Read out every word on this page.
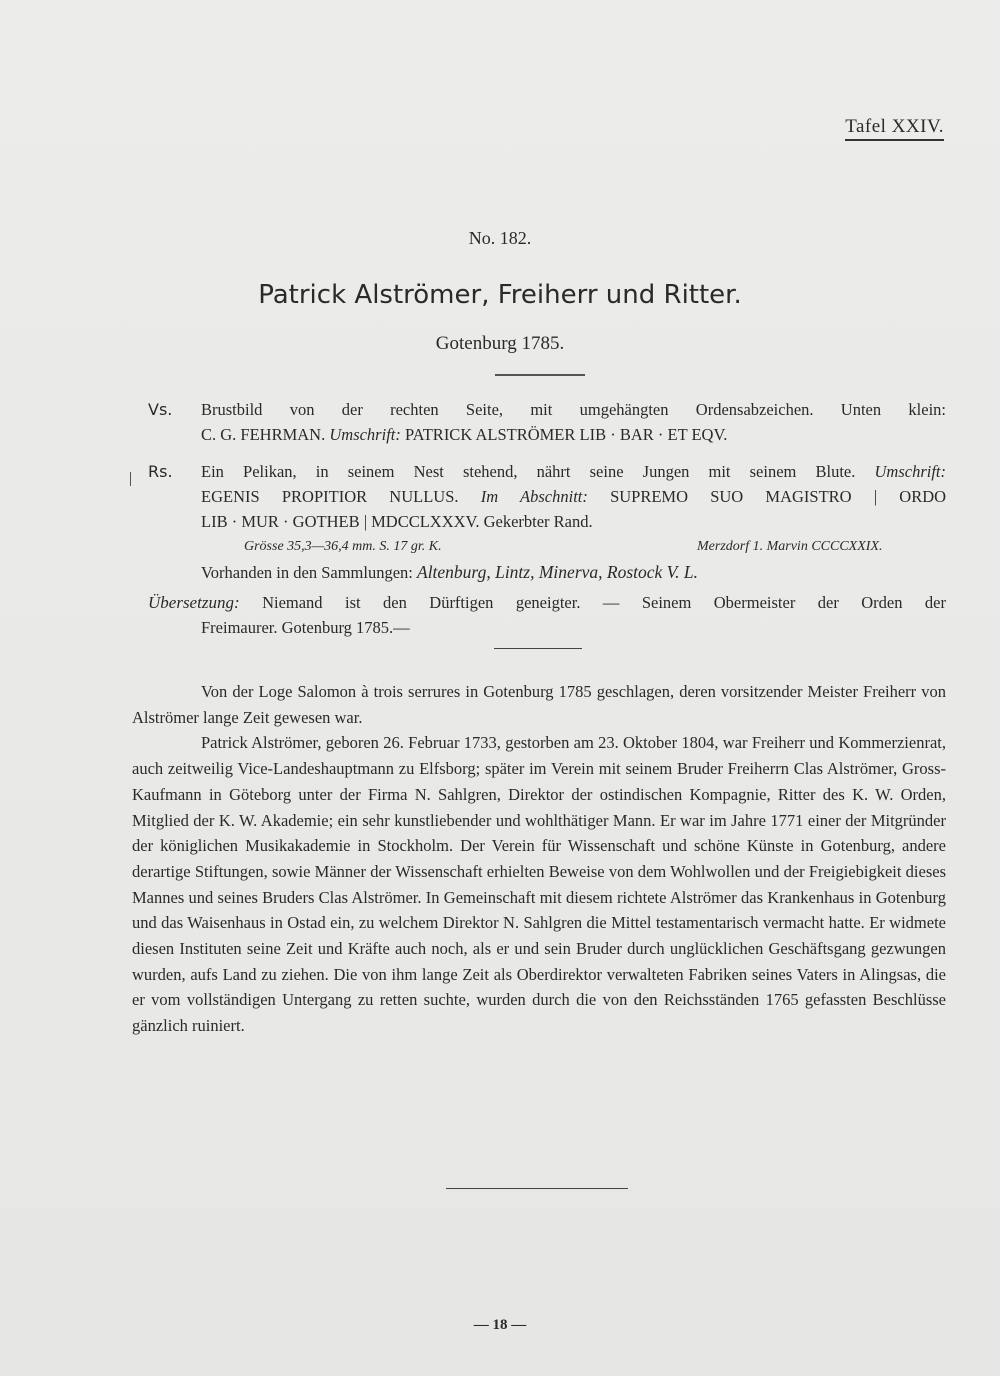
Tafel XXIV.
No. 182.
Patrick Alströmer, Freiherr und Ritter.
Gotenburg 1785.
Vs. Brustbild von der rechten Seite, mit umgehängten Ordensabzeichen. Unten klein:
C. G. FEHRMAN. Umschrift: PATRICK ALSTRÖMER LIB · BAR · ET EQV.
Rs. Ein Pelikan, in seinem Nest stehend, nährt seine Jungen mit seinem Blute. Umschrift:
EGENIS PROPITIOR NULLUS. Im Abschnitt: SUPREMO SUO MAGISTRO | ORDO
LIB · MUR · GOTHEB | MDCCLXXXV. Gekerbter Rand.
Grösse 35,3—36,4 mm. S. 17 gr. K.	Merzdorf 1. Marvin CCCCXXIX.
Vorhanden in den Sammlungen: Altenburg, Lintz, Minerva, Rostock V. L.
Übersetzung: Niemand ist den Dürftigen geneigter. — Seinem Obermeister der Orden der
Freimaurer. Gotenburg 1785.—

Von der Loge Salomon à trois serrures in Gotenburg 1785 geschlagen, deren vorsitzender Meister Freiherr von Alströmer lange Zeit gewesen war.

Patrick Alströmer, geboren 26. Februar 1733, gestorben am 23. Oktober 1804, war Freiherr und Kommerzienrat, auch zeitweilig Vice-Landeshauptmann zu Elfsborg; später im Verein mit seinem Bruder Freiherrn Clas Alströmer, Gross-Kaufmann in Göteborg unter der Firma N. Sahlgren, Direktor der ostindischen Kompagnie, Ritter des K. W. Orden, Mitglied der K. W. Akademie; ein sehr kunstliebender und wohlthätiger Mann. Er war im Jahre 1771 einer der Mitgründer der königlichen Musikakademie in Stockholm. Der Verein für Wissenschaft und schöne Künste in Gotenburg, andere derartige Stiftungen, sowie Männer der Wissenschaft erhielten Beweise von dem Wohlwollen und der Freigiebigkeit dieses Mannes und seines Bruders Clas Alströmer. In Gemeinschaft mit diesem richtete Alströmer das Krankenhaus in Gotenburg und das Waisenhaus in Ostad ein, zu welchem Direktor N. Sahlgren die Mittel testamentarisch vermacht hatte. Er widmete diesen Instituten seine Zeit und Kräfte auch noch, als er und sein Bruder durch unglücklichen Geschäftsgang gezwungen wurden, aufs Land zu ziehen. Die von ihm lange Zeit als Oberdirektor verwalteten Fabriken seines Vaters in Alingsas, die er vom vollständigen Untergang zu retten suchte, wurden durch die von den Reichsständen 1765 gefassten Beschlüsse gänzlich ruiniert.

— 18 —
